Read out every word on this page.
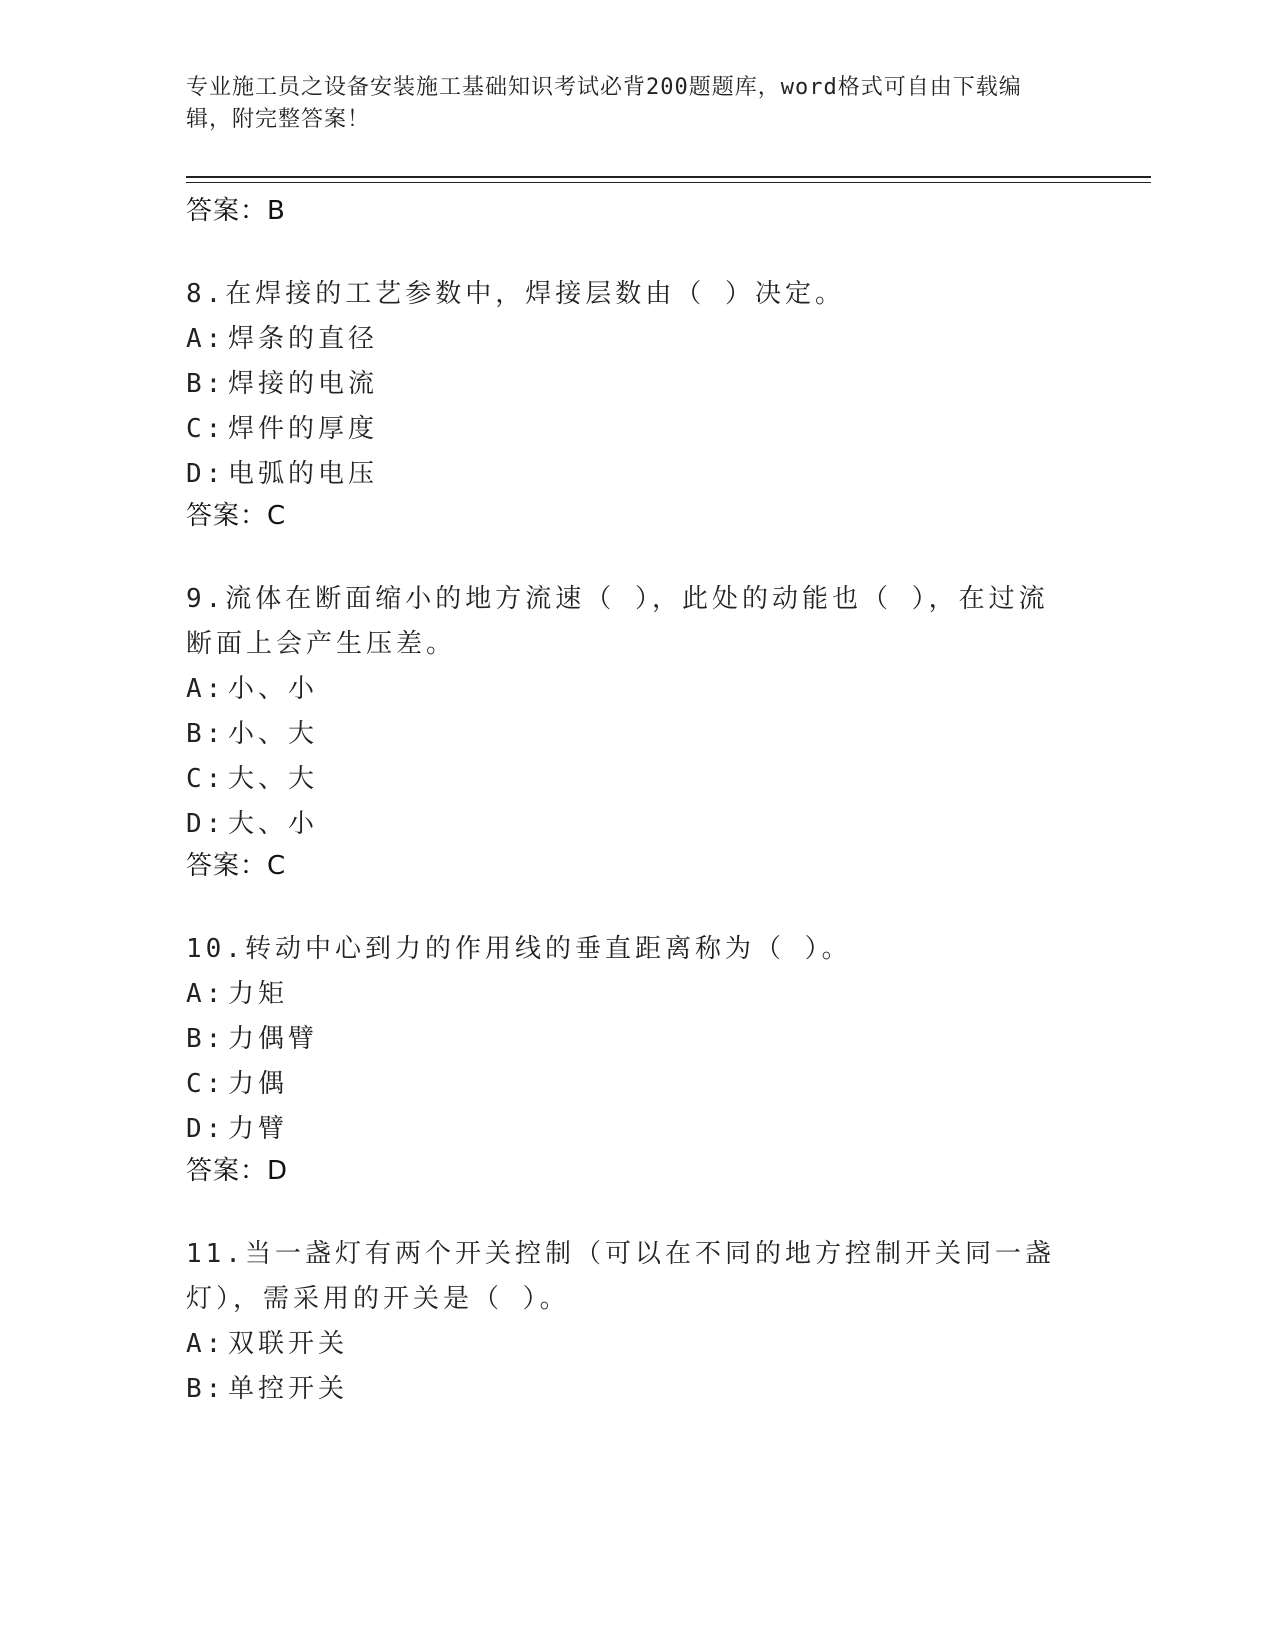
专业施工员之设备安装施工基础知识考试必背200题题库，word格式可自由下载编辑，附完整答案！
答案：B
8.在焊接的工艺参数中，焊接层数由（ ）决定。
A: 焊条的直径
B: 焊接的电流
C: 焊件的厚度
D: 电弧的电压
答案：C
9.流体在断面缩小的地方流速（ ），此处的动能也（ ），在过流断面上会产生压差。
A: 小、小
B: 小、大
C: 大、大
D: 大、小
答案：C
10.转动中心到力的作用线的垂直距离称为（ ）。
A: 力矩
B: 力偶臂
C: 力偶
D: 力臂
答案：D
11.当一盏灯有两个开关控制（可以在不同的地方控制开关同一盏灯），需采用的开关是（ ）。
A: 双联开关
B: 单控开关
